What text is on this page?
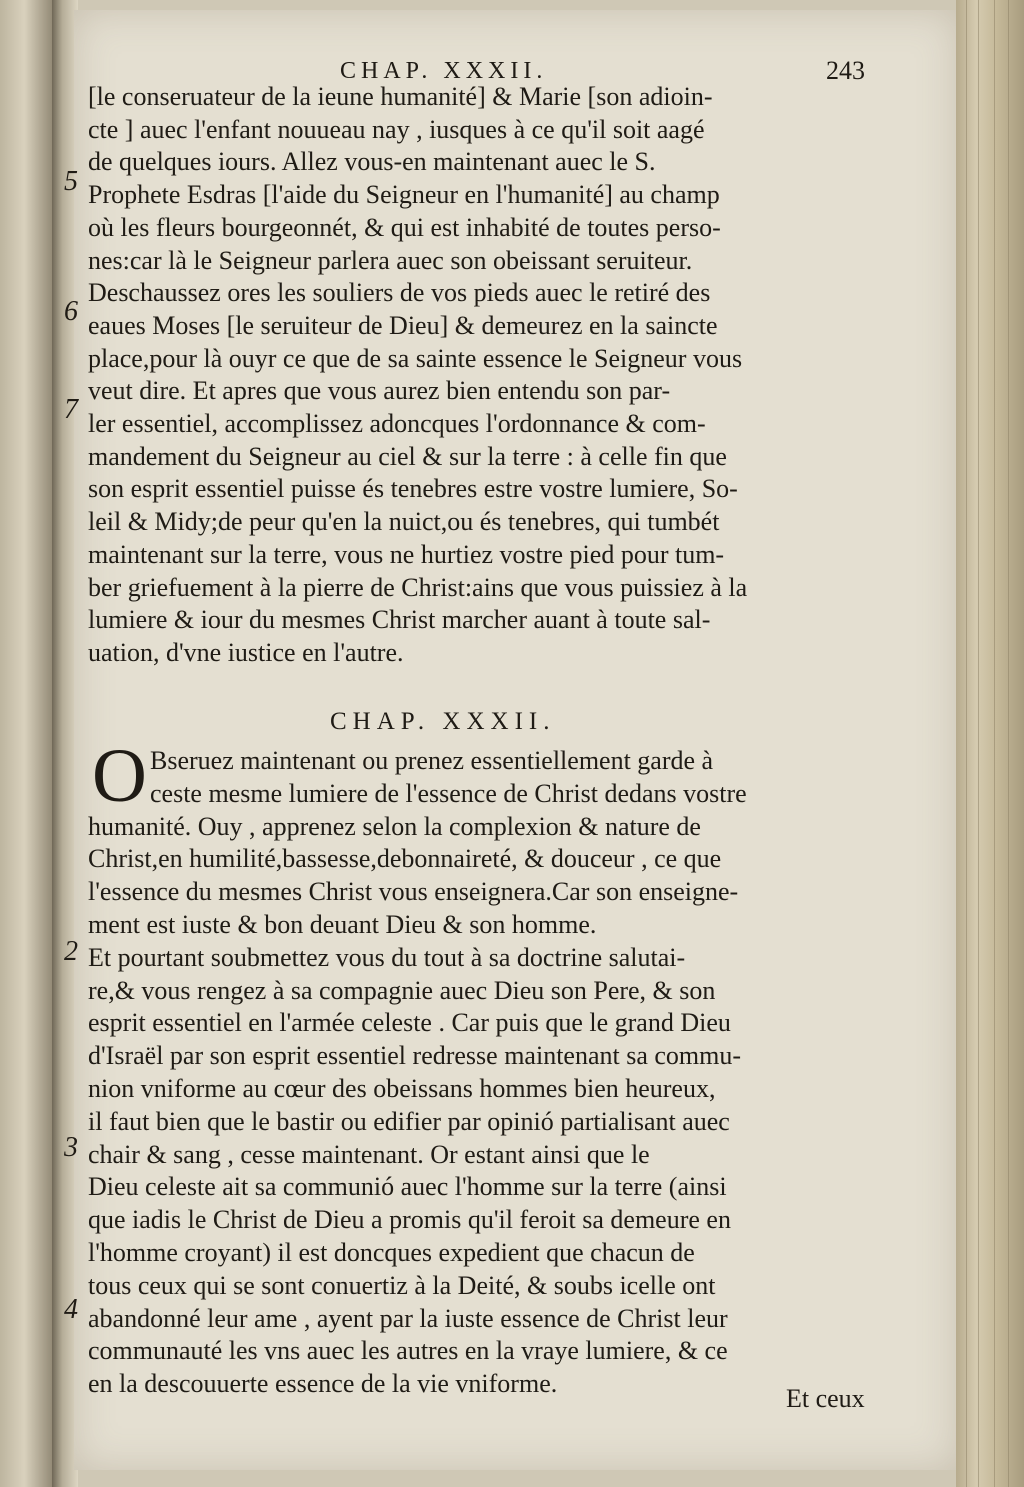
CHAP. XXXII.	243
[le conseruateur de la ieune humanité] & Marie [son adioin-
cte ] auec l'enfant nouueau nay , iusques à ce qu'il soit aagé
de quelques iours. Allez vous-en maintenant auec le S.
Prophete Esdras [l'aide du Seigneur en l'humanité] au champ
où les fleurs bourgeonnét, & qui est inhabité de toutes perso-
nes:car là le Seigneur parlera auec son obeissant seruiteur.
Deschaussez ores les souliers de vos pieds auec le retiré des
eaues Moses [le seruiteur de Dieu] & demeurez en la saincte
place,pour là ouyr ce que de sa sainte essence le Seigneur vous
veut dire. Et apres que vous aurez bien entendu son par-
ler essentiel, accomplissez adoncques l'ordonnance & com-
mandement du Seigneur au ciel & sur la terre : à celle fin que
son esprit essentiel puisse és tenebres estre vostre lumiere, So-
leil & Midy;de peur qu'en la nuict,ou és tenebres, qui tumbét
maintenant sur la terre, vous ne hurtiez vostre pied pour tum-
ber griefuement à la pierre de Christ:ains que vous puissiez à la
lumiere & iour du mesmes Christ marcher auant à toute sal-
uation, d'vne iustice en l'autre.
CHAP. XXXII.
O Bseruez maintenant ou prenez essentiellement garde à
ceste mesme lumiere de l'essence de Christ dedans vostre
humanité. Ouy , apprenez selon la complexion & nature de
Christ,en humilité,bassesse,debonnaireté, & douceur , ce que
l'essence du mesmes Christ vous enseignera.Car son enseigne-
ment est iuste & bon deuant Dieu & son homme.
Et pourtant soubmettez vous du tout à sa doctrine salutai-
re,& vous rengez à sa compagnie auec Dieu son Pere, & son
esprit essentiel en l'armée celeste . Car puis que le grand Dieu
d'Israël par son esprit essentiel redresse maintenant sa commu-
nion vniforme au cœur des obeissans hommes bien heureux,
il faut bien que le bastir ou edifier par opinió partialisant auec
chair & sang , cesse maintenant. Or estant ainsi que le
Dieu celeste ait sa communió auec l'homme sur la terre (ainsi
que iadis le Christ de Dieu a promis qu'il feroit sa demeure en
l'homme croyant) il est doncques expedient que chacun de
tous ceux qui se sont conuertiz à la Deité, & soubs icelle ont
abandonné leur ame , ayent par la iuste essence de Christ leur
communauté les vns auec les autres en la vraye lumiere, & ce
en la descouuerte essence de la vie vniforme.
5
6
7
2
3
4
Et ceux
